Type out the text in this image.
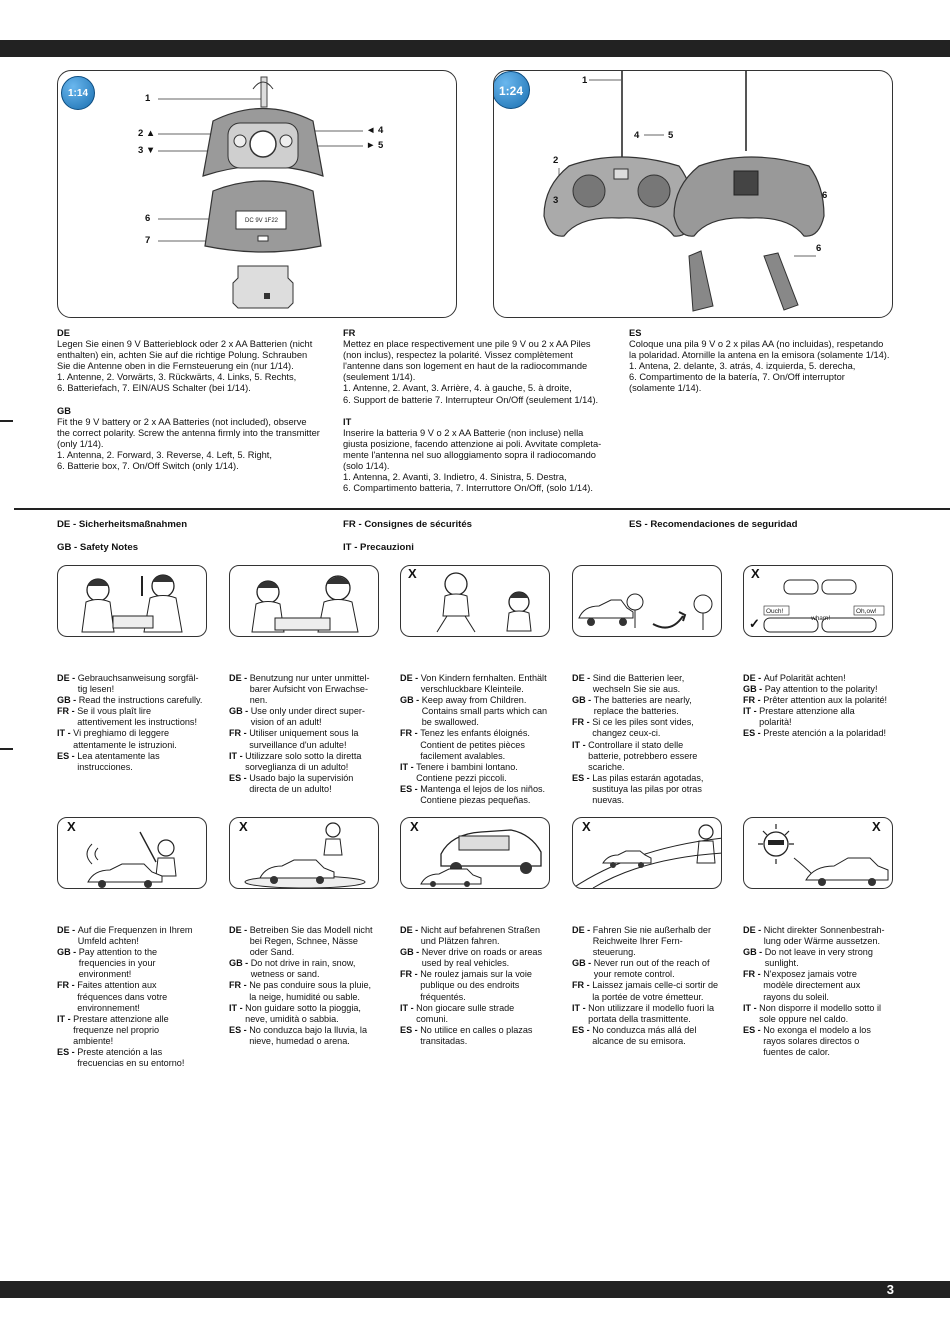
1:14
DC 9V 1F22
1
2 ▲
3 ▼
◄ 4
► 5
6
7
1:24
1
4	5
2
3	6
6

DE

Legen Sie einen 9 V Batterieblock oder 2 x AA Batterien (nicht

enthalten) ein, achten Sie auf die richtige Polung. Schrauben

Sie die Antenne oben in die Fernsteuerung ein (nur 1/14).

1. Antenne, 2. Vorwärts, 3. Rückwärts, 4. Links, 5. Rechts,

6. Batteriefach, 7. EIN/AUS Schalter (bei 1/14).

GB

Fit the 9 V battery or 2 x AA Batteries (not included), observe

the correct polarity. Screw the antenna firmly into the transmitter

(only 1/14).

1. Antenna, 2. Forward, 3. Reverse, 4. Left, 5. Right,

6. Batterie box, 7. On/Off Switch (only 1/14).

FR

Mettez en place respectivement une pile 9 V ou 2 x AA Piles

(non inclus), respectez la polarité. Vissez complètement

l'antenne dans son logement en haut de la radiocommande

(seulement 1/14).

1. Antenne, 2. Avant, 3. Arrière, 4. à gauche, 5. à droite,

6. Support de batterie 7. Interrupteur On/Off (seulement 1/14).

IT

Inserire la batteria 9 V o 2 x AA Batterie (non incluse) nella

giusta posizione, facendo attenzione ai poli. Avvitate completa-

mente l'antenna nel suo alloggiamento sopra il radiocomando

(solo 1/14).

1. Antenna, 2. Avanti, 3. Indietro, 4. Sinistra, 5. Destra,

6. Compartimento batteria, 7. Interruttore On/Off, (solo 1/14).

ES

Coloque una pila 9 V o 2 x pilas AA (no incluidas), respetando

la polaridad. Atornille la antena en la emisora (solamente 1/14).

1. Antena, 2. delante, 3. atrás, 4. izquierda, 5. derecha,

6. Compartimento de la batería, 7. On/Off interruptor

(solamente 1/14).

DE - Sicherheitsmaßnahmen
GB - Safety Notes
FR - Consignes de sécurités
IT - Precauzioni
ES - Recomendaciones de seguridad
X	X
✓
Ouch!
wham!
Oh,ow!
DE - Gebrauchsanweisung sorgfäl-
tig lesen!
GB - Read the instructions carefully.
FR - Se il vous plaît lire
attentivement les instructions!
IT - Vi preghiamo di leggere
attentamente le istruzioni.
ES - Lea atentamente las
instrucciones.
DE - Benutzung nur unter unmittel-
barer Aufsicht von Erwachse-
nen.
GB - Use only under direct super-
vision of an adult!
FR - Utiliser uniquement sous la
surveillance d'un adulte!
IT - Utilizzare solo sotto la diretta
sorveglianza di un adulto!
ES - Usado bajo la supervisión
directa de un adulto!
DE - Von Kindern fernhalten. Enthält
verschluckbare Kleinteile.
GB - Keep away from Children.
Contains small parts which can
be swallowed.
FR - Tenez les enfants éloignés.
Contient de petites pièces
facilement avalables.
IT - Tenere i bambini lontano.
Contiene pezzi piccoli.
ES - Mantenga el lejos de los niños.
Contiene piezas pequeñas.
DE - Sind die Batterien leer,
wechseln Sie sie aus.
GB - The batteries are nearly,
replace the batteries.
FR - Si ce les piles sont vides,
changez ceux-ci.
IT - Controllare il stato delle
batterie, potrebbero essere
scariche.
ES - Las pilas estarán agotadas,
sustituya las pilas por otras
nuevas.
DE - Auf Polarität achten!
GB - Pay attention to the polarity!
FR - Prêter attention aux la polarité!
IT - Prestare attenzione alla
polarità!
ES - Preste atención a la polaridad!
X	X	X	X	X
DE - Auf die Frequenzen in Ihrem
Umfeld achten!
GB - Pay attention to the
frequencies in your
environment!
FR - Faites attention aux
fréquences dans votre
environnement!
IT - Prestare attenzione alle
frequenze nel proprio
ambiente!
ES - Preste atención a las
frecuencias en su entorno!
DE - Betreiben Sie das Modell nicht
bei Regen, Schnee, Nässe
oder Sand.
GB - Do not drive in rain, snow,
wetness or sand.
FR - Ne pas conduire sous la pluie,
la neige, humidité ou sable.
IT - Non guidare sotto la pioggia,
neve, umidità o sabbia.
ES - No conduzca bajo la lluvia, la
nieve, humedad o arena.
DE - Nicht auf befahrenen Straßen
und Plätzen fahren.
GB - Never drive on roads or areas
used by real vehicles.
FR - Ne roulez jamais sur la voie
publique ou des endroits
fréquentés.
IT - Non giocare sulle strade
comuni.
ES - No utilice en calles o plazas
transitadas.
DE - Fahren Sie nie außerhalb der
Reichweite Ihrer Fern-
steuerung.
GB - Never run out of the reach of
your remote control.
FR - Laissez jamais celle-ci sortir de
la portée de votre émetteur.
IT - Non utilizzare il modello fuori la
portata della trasmittente.
ES - No conduzca más allá del
alcance de su emisora.
DE - Nicht direkter Sonnenbestrah-
lung oder Wärme aussetzen.
GB - Do not leave in very strong
sunlight.
FR - N'exposez jamais votre
modèle directement aux
rayons du soleil.
IT - Non disporre il modello sotto il
sole oppure nel caldo.
ES - No exonga el modelo a los
rayos solares directos o
fuentes de calor.
3
